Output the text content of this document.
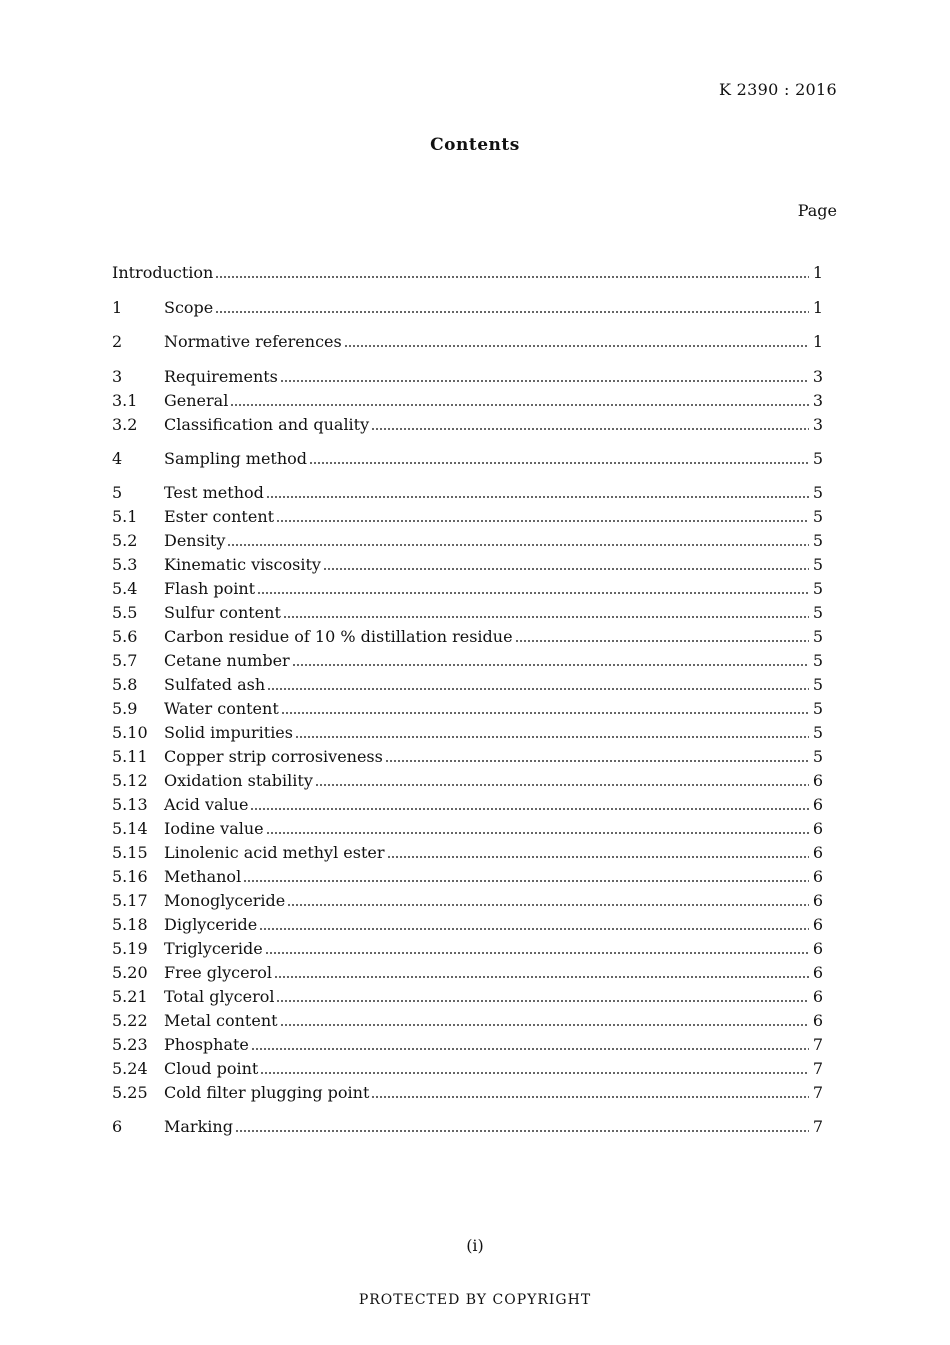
K 2390 : 2016
Contents
Page
Introduction	1
1	Scope	1
2	Normative references	1
3	Requirements	3
3.1	General	3
3.2	Classification and quality	3
4	Sampling method	5
5	Test method	5
5.1	Ester content	5
5.2	Density	5
5.3	Kinematic viscosity	5
5.4	Flash point	5
5.5	Sulfur content	5
5.6	Carbon residue of 10 % distillation residue	5
5.7	Cetane number	5
5.8	Sulfated ash	5
5.9	Water content	5
5.10	Solid impurities	5
5.11	Copper strip corrosiveness	5
5.12	Oxidation stability	6
5.13	Acid value	6
5.14	Iodine value	6
5.15	Linolenic acid methyl ester	6
5.16	Methanol	6
5.17	Monoglyceride	6
5.18	Diglyceride	6
5.19	Triglyceride	6
5.20	Free glycerol	6
5.21	Total glycerol	6
5.22	Metal content	6
5.23	Phosphate	7
5.24	Cloud point	7
5.25	Cold filter plugging point	7
6	Marking	7
(i)
PROTECTED BY COPYRIGHT
